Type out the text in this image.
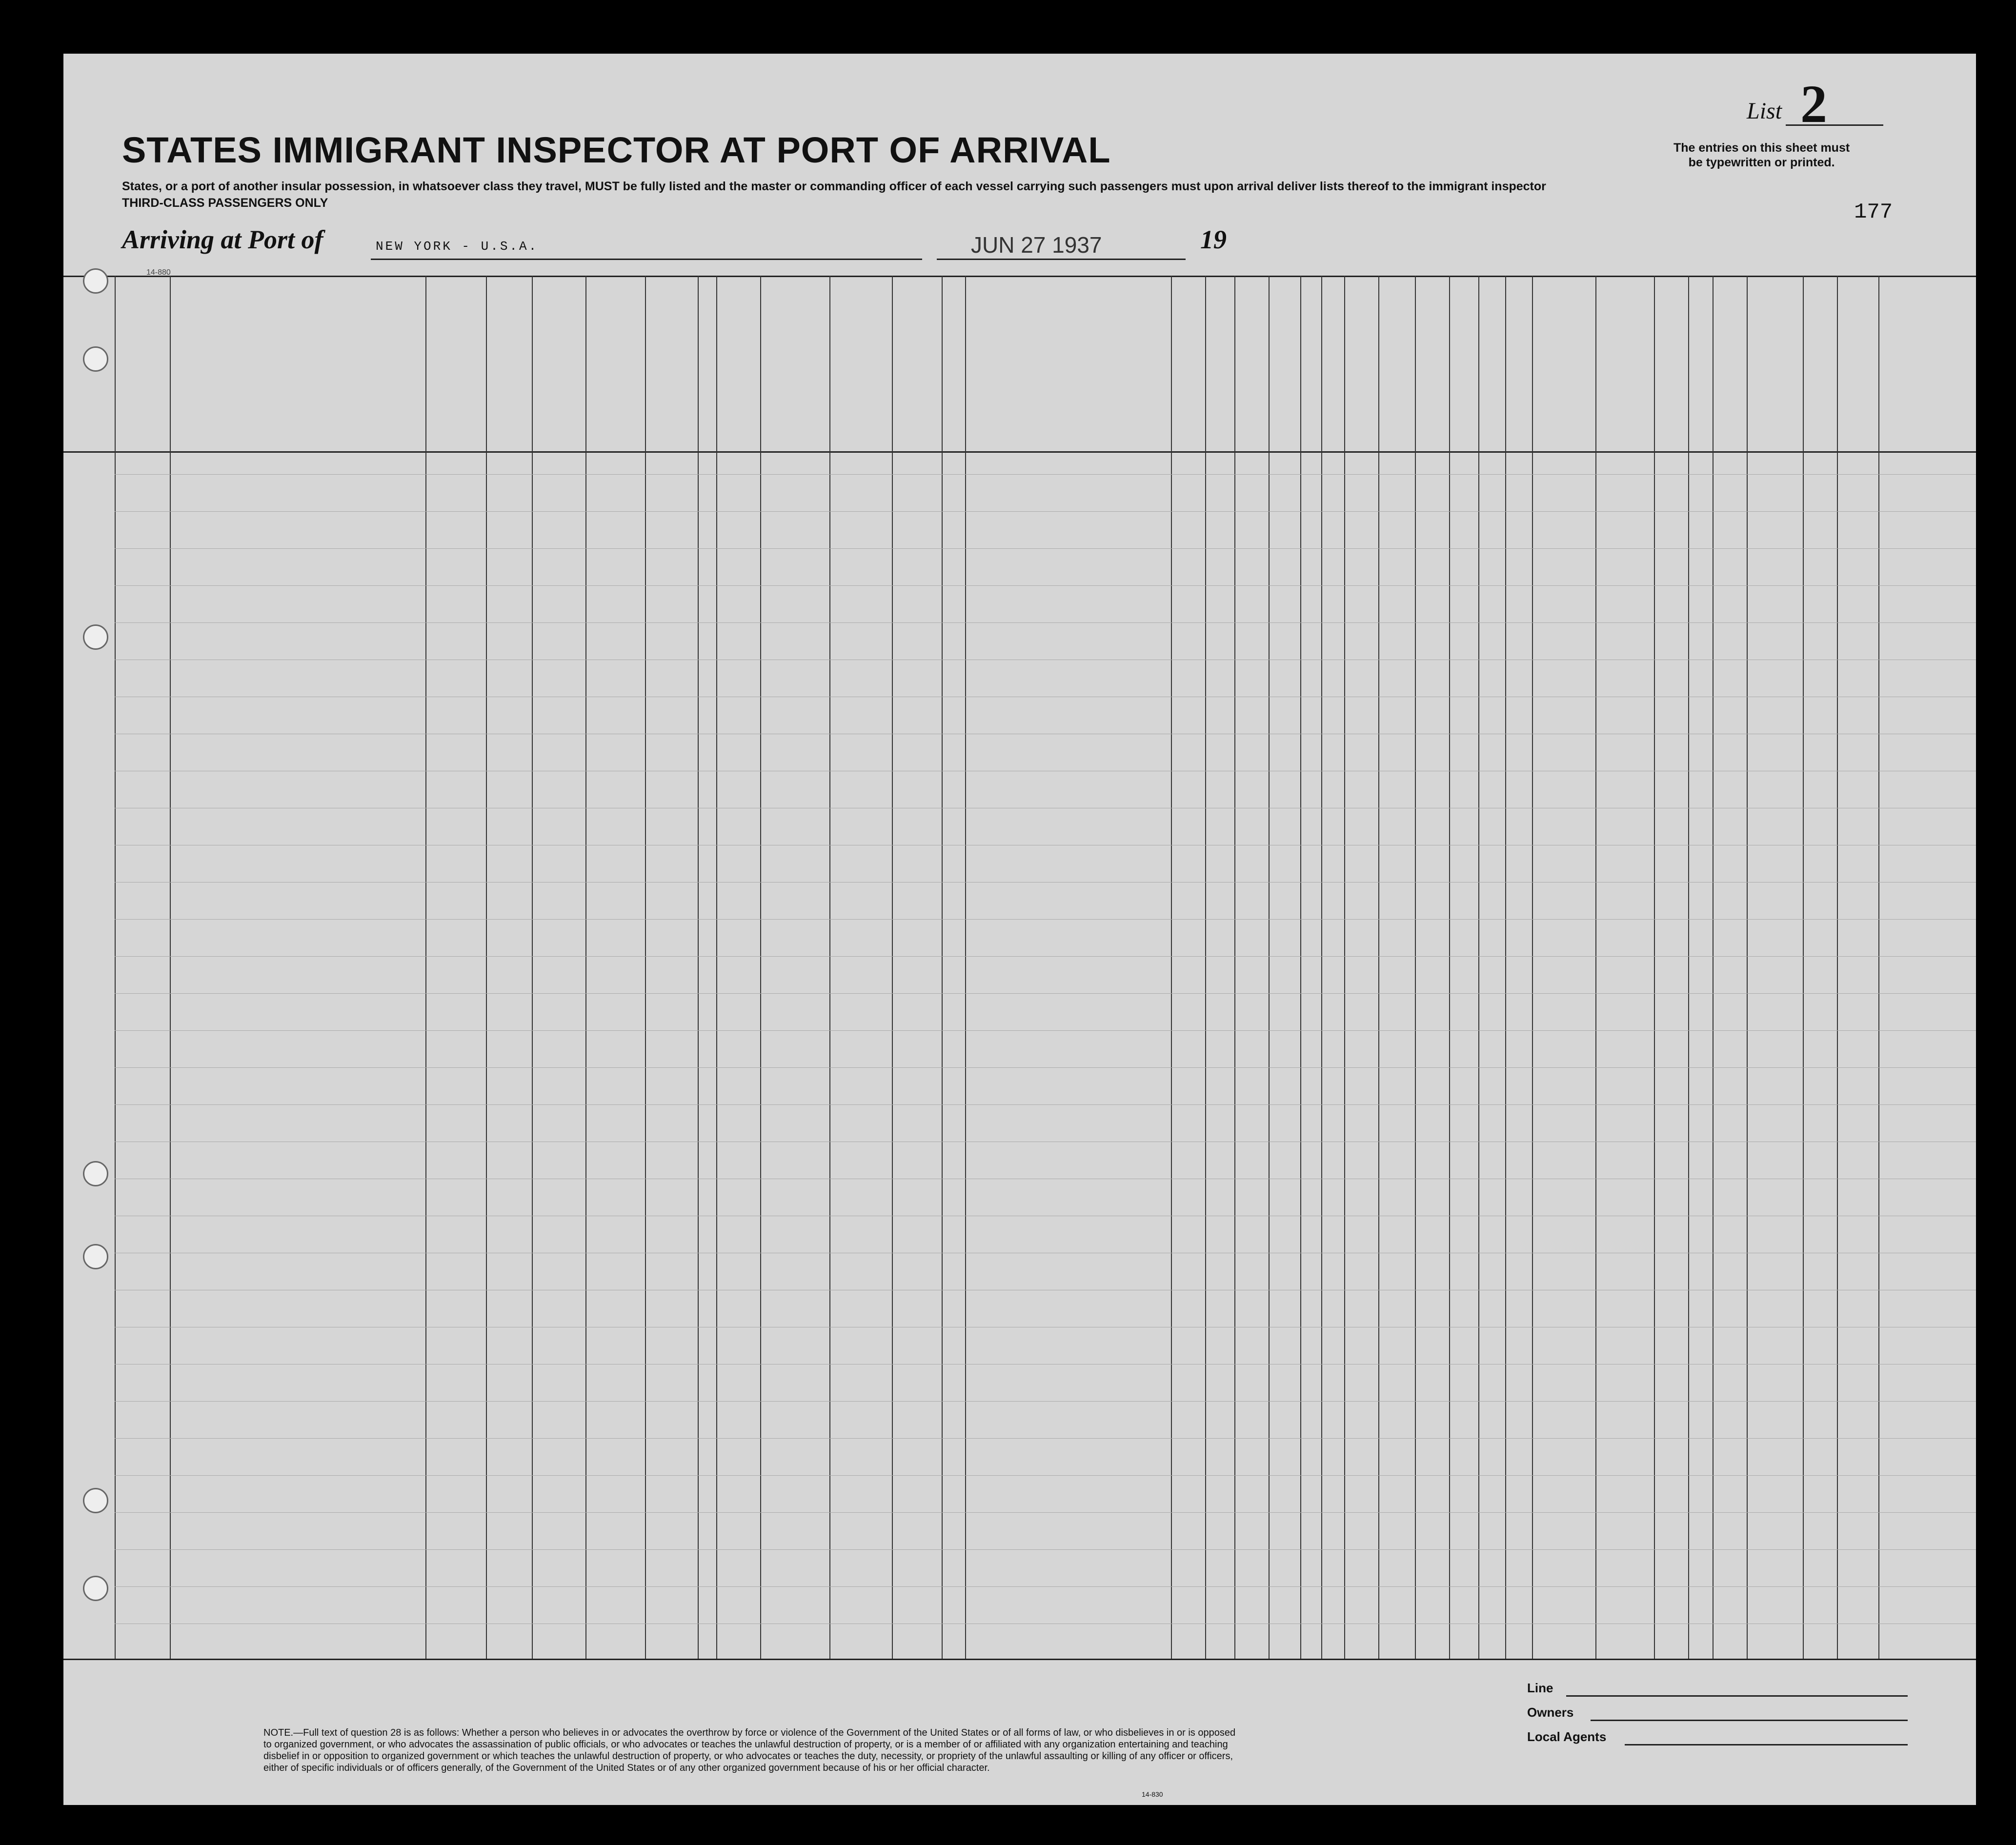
List 2
The entries on this sheet must
be typewritten or printed.
177
STATES IMMIGRANT INSPECTOR AT PORT OF ARRIVAL
States, or a port of another insular possession, in whatsoever class they travel, MUST be fully listed and the master or commanding officer of each vessel carrying such passengers must upon arrival deliver lists thereof to the immigrant inspector
THIRD-CLASS PASSENGERS ONLY
Arriving at Port of	NEW YORK - U.S.A.	JUN 27 1937	19
14-880
NOTE.—Full text of question 28 is as follows: Whether a person who believes in or advocates the overthrow by force or violence of the Government of the United States or of all forms of law, or who disbelieves in or is opposed to organized government, or who advocates the assassination of public officials, or who advocates or teaches the unlawful destruction of property, or is a member of or affiliated with any organization entertaining and teaching disbelief in or opposition to organized government or which teaches the unlawful destruction of property, or who advocates or teaches the duty, necessity, or propriety of the unlawful assaulting or killing of any officer or officers, either of specific individuals or of officers generally, of the Government of the United States or of any other organized government because of his or her official character.
Line
Owners
Local Agents
14-830
